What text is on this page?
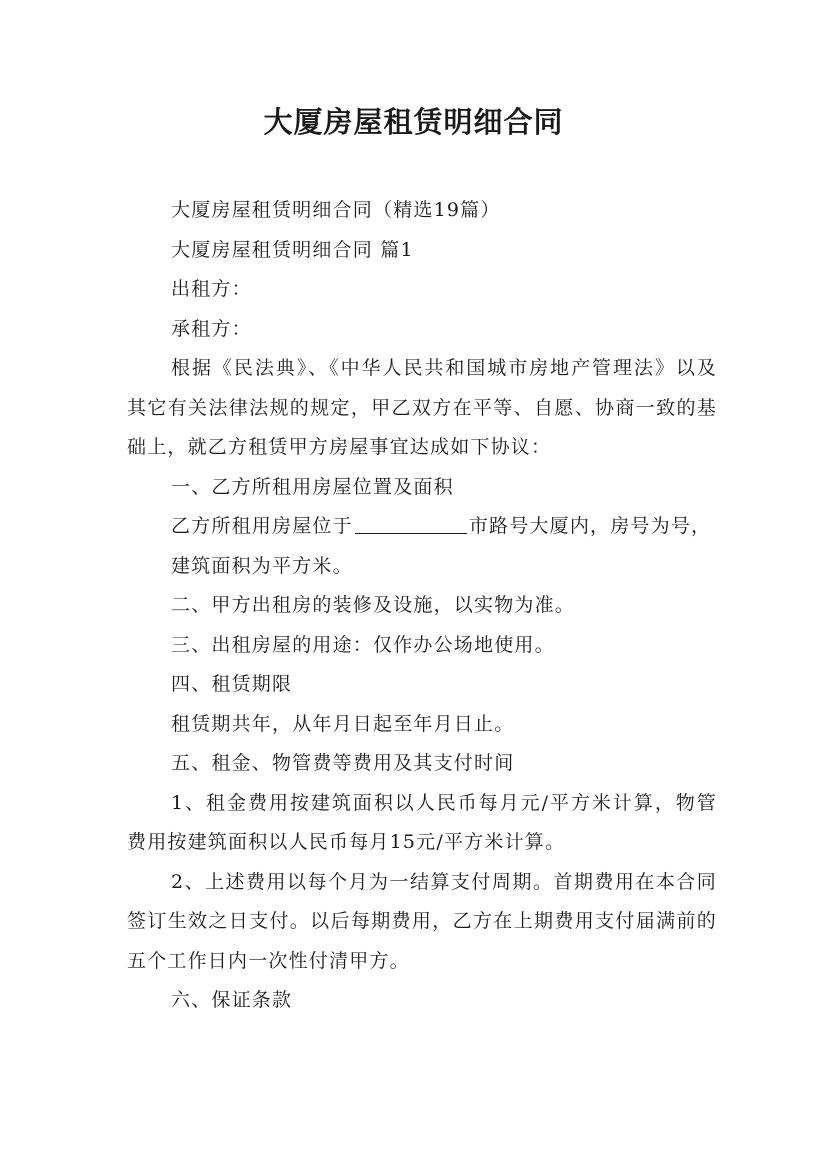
大厦房屋租赁明细合同

大厦房屋租赁明细合同（精选19篇）

大厦房屋租赁明细合同 篇1

出租方：

承租方：

根据《民法典》、《中华人民共和国城市房地产管理法》以及其它有关法律法规的规定，甲乙双方在平等、自愿、协商一致的基础上，就乙方租赁甲方房屋事宜达成如下协议：

一、乙方所租用房屋位置及面积

乙方所租用房屋位于	市路号大厦内，房号为号，

建筑面积为平方米。

二、甲方出租房的装修及设施，以实物为准。

三、出租房屋的用途：仅作办公场地使用。

四、租赁期限

租赁期共年，从年月日起至年月日止。

五、租金、物管费等费用及其支付时间

1、租金费用按建筑面积以人民币每月元/平方米计算，物管费用按建筑面积以人民币每月15元/平方米计算。

2、上述费用以每个月为一结算支付周期。首期费用在本合同签订生效之日支付。以后每期费用，乙方在上期费用支付届满前的五个工作日内一次性付清甲方。

六、保证条款
